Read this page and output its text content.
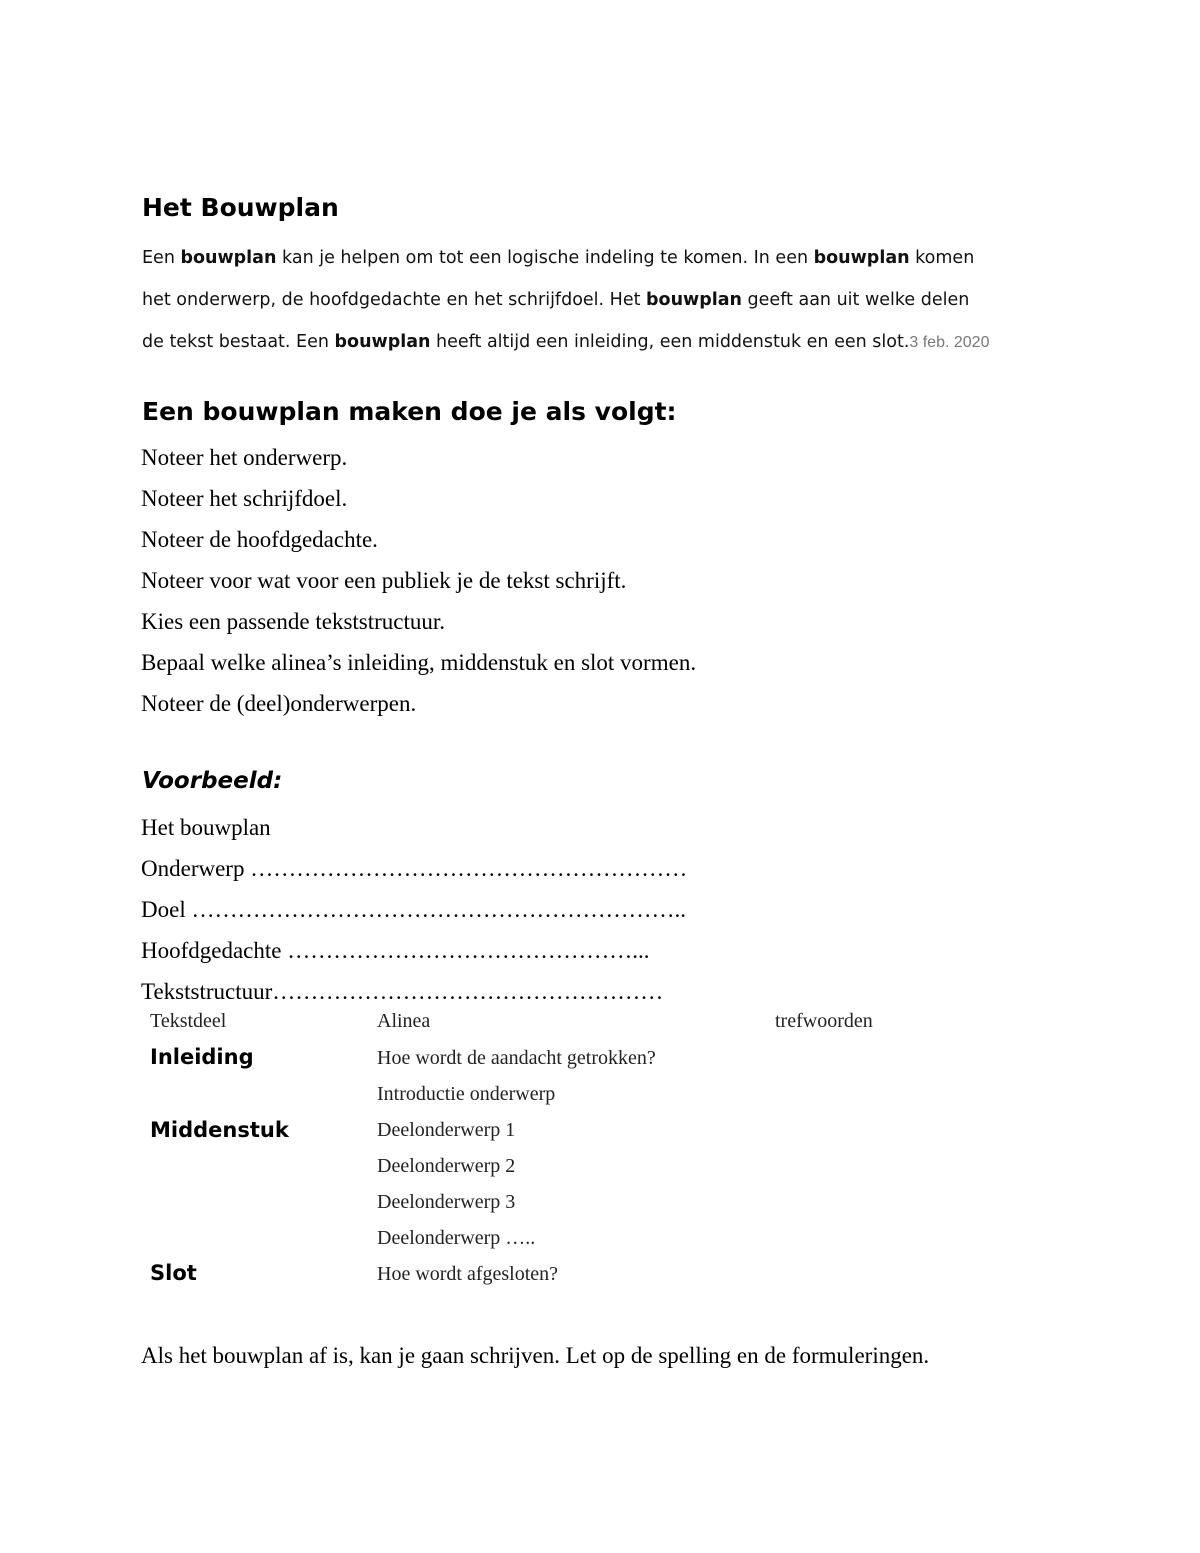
Het Bouwplan
Een bouwplan kan je helpen om tot een logische indeling te komen. In een bouwplan komen
het onderwerp, de hoofdgedachte en het schrijfdoel. Het bouwplan geeft aan uit welke delen
de tekst bestaat. Een bouwplan heeft altijd een inleiding, een middenstuk en een slot.3 feb. 2020
Een bouwplan maken doe je als volgt:
Noteer het onderwerp.
Noteer het schrijfdoel.
Noteer de hoofdgedachte.
Noteer voor wat voor een publiek je de tekst schrijft.
Kies een passende tekststructuur.
Bepaal welke alinea’s inleiding, middenstuk en slot vormen.
Noteer de (deel)onderwerpen.
Voorbeeld:
Het bouwplan
Onderwerp …………………………………………………
Doel ………………………………………………………..
Hoofdgedachte ………………………………………...
Tekststructuur……………………………………………
Tekstdeel	Alinea	trefwoorden
Inleiding
Middenstuk
Slot
Hoe wordt de aandacht getrokken?
Introductie onderwerp
Deelonderwerp 1
Deelonderwerp 2
Deelonderwerp 3
Deelonderwerp …..
Hoe wordt afgesloten?

Als het bouwplan af is, kan je gaan schrijven. Let op de spelling en de formuleringen.
